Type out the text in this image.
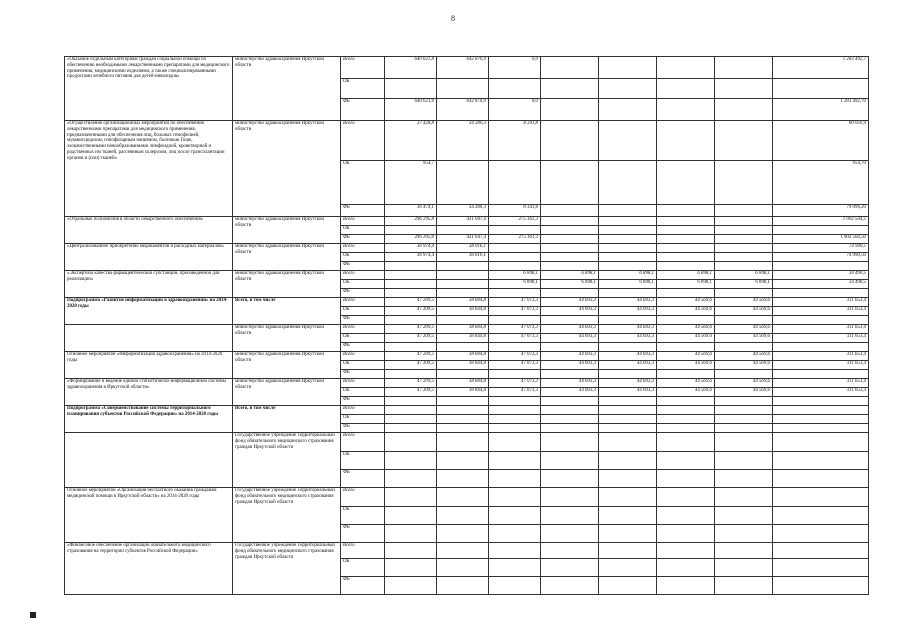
8
«Оказание отдельным категориям граждан социальной помощи по обеспечению необходимыми лекарственными препаратами для медицинского применения, медицинскими изделиями, а также специализированными продуктами лечебного питания для детей-инвалидов»	министерство здравоохранения Иркутской области	Всего	640 621,8	642 870,9	0,0					1 283 492,7
		ОБ								
		ФБ	640 621,8	642 870,9	0,0					1 283 492,70
«Осуществление организационных мероприятий по обеспечению лекарственными препаратами для медицинского применения, предназначенными для обеспечения лиц, больных гемофилией, муковисцидозом, гипофизарным нанизмом, болезнью Гоше, злокачественными новообразованиями лимфоидной, кроветворной и родственных им тканей, рассеянным склерозом, лиц после трансплантации органов и (или) тканей»	министерство здравоохранения Иркутской области	Всего	37 428,8	34 280,3	8 341,8					80 050,9
		ОБ	954,7							954,70
		ФБ	36 474,1	34 280,3	8 341,8					79 096,20
«Отдельные полномочия в области лекарственного обеспечения»	министерство здравоохранения Иркутской области	Всего	296 295,8	431 047,4	275 161,3					1 002 504,5
		ОБ								
		ФБ	296 295,8	431 047,4	275 161,3					1 002 504,50
«Централизованное приобретение медикаментов и расходных материалов»	министерство здравоохранения Иркутской области	Всего	36 974,4	38 016,1						74 990,5
		ОБ	36 974,4	38 016,1						74 990,50
		ФБ								
«Экспертиза качества фармацевтической субстанции, произведенной для реализации»	министерство здравоохранения Иркутской области	Всего			6 898,1	6 898,1	6 898,1	6 898,1	6 898,1	34 490,5
		ОБ			6 898,1	6 898,1	6 898,1	6 898,1	6 898,1	34 490,5
		ФБ								
Подпрограмма «Развитие информатизации в здравоохранении» на 2014-2020 годы	Всего, в том числе	Всего	47 209,5	38 844,8	47 073,3	44 693,3	44 693,3	44 569,6	44 569,6	311 653,4
		ОБ	47 209,5	38 844,8	47 073,3	44 693,3	44 693,3	44 569,6	44 569,6	311 653,4
		ФБ								
	министерство здравоохранения Иркутской области	Всего	47 209,5	38 844,8	47 073,3	44 693,3	44 693,3	44 569,6	44 569,6	311 653,4
		ОБ	47 209,5	38 844,8	47 073,3	44 693,3	44 693,3	44 569,6	44 569,6	311 653,4
		ФБ								
Основное мероприятие «Информатизация здравоохранения» на 2014-2020 годы	министерство здравоохранения Иркутской области	Всего	47 209,5	38 844,8	47 073,3	44 693,3	44 693,3	44 569,6	44 569,6	311 653,4
		ОБ	47 209,5	38 844,8	47 073,3	44 693,3	44 693,3	44 569,6	44 569,6	311 653,4
		ФБ								
«Формирование и ведение единой статистическо-информационной системы здравоохранения в Иркутской области»	министерство здравоохранения Иркутской области	Всего	47 209,5	38 844,8	47 073,3	44 693,3	44 693,3	44 569,6	44 569,6	311 653,4
		ОБ	47 209,5	38 844,8	47 073,3	44 693,3	44 693,3	44 569,6	44 569,6	311 653,4
		ФБ								
Подпрограмма «Совершенствование системы территориального планирования субъектов Российской Федерации» на 2014-2020 годы	Всего, в том числе	Всего								
		ОБ								
		ФБ								
	Государственное учреждение Территориальный фонд обязательного медицинского страхования граждан Иркутской области	Всего								
		ОБ								
		ФБ								
Основное мероприятие «Организация бесплатного оказания гражданам медицинской помощи в Иркутской области» на 2014-2020 годы	Государственное учреждение Территориальный фонд обязательного медицинского страхования граждан Иркутской области	Всего								
		ОБ								
		ФБ								
«Финансовое обеспечение организации обязательного медицинского страхования на территории субъектов Российской Федерации»	Государственное учреждение Территориальный фонд обязательного медицинского страхования граждан Иркутской области	Всего								
		ОБ								
		ФБ								
